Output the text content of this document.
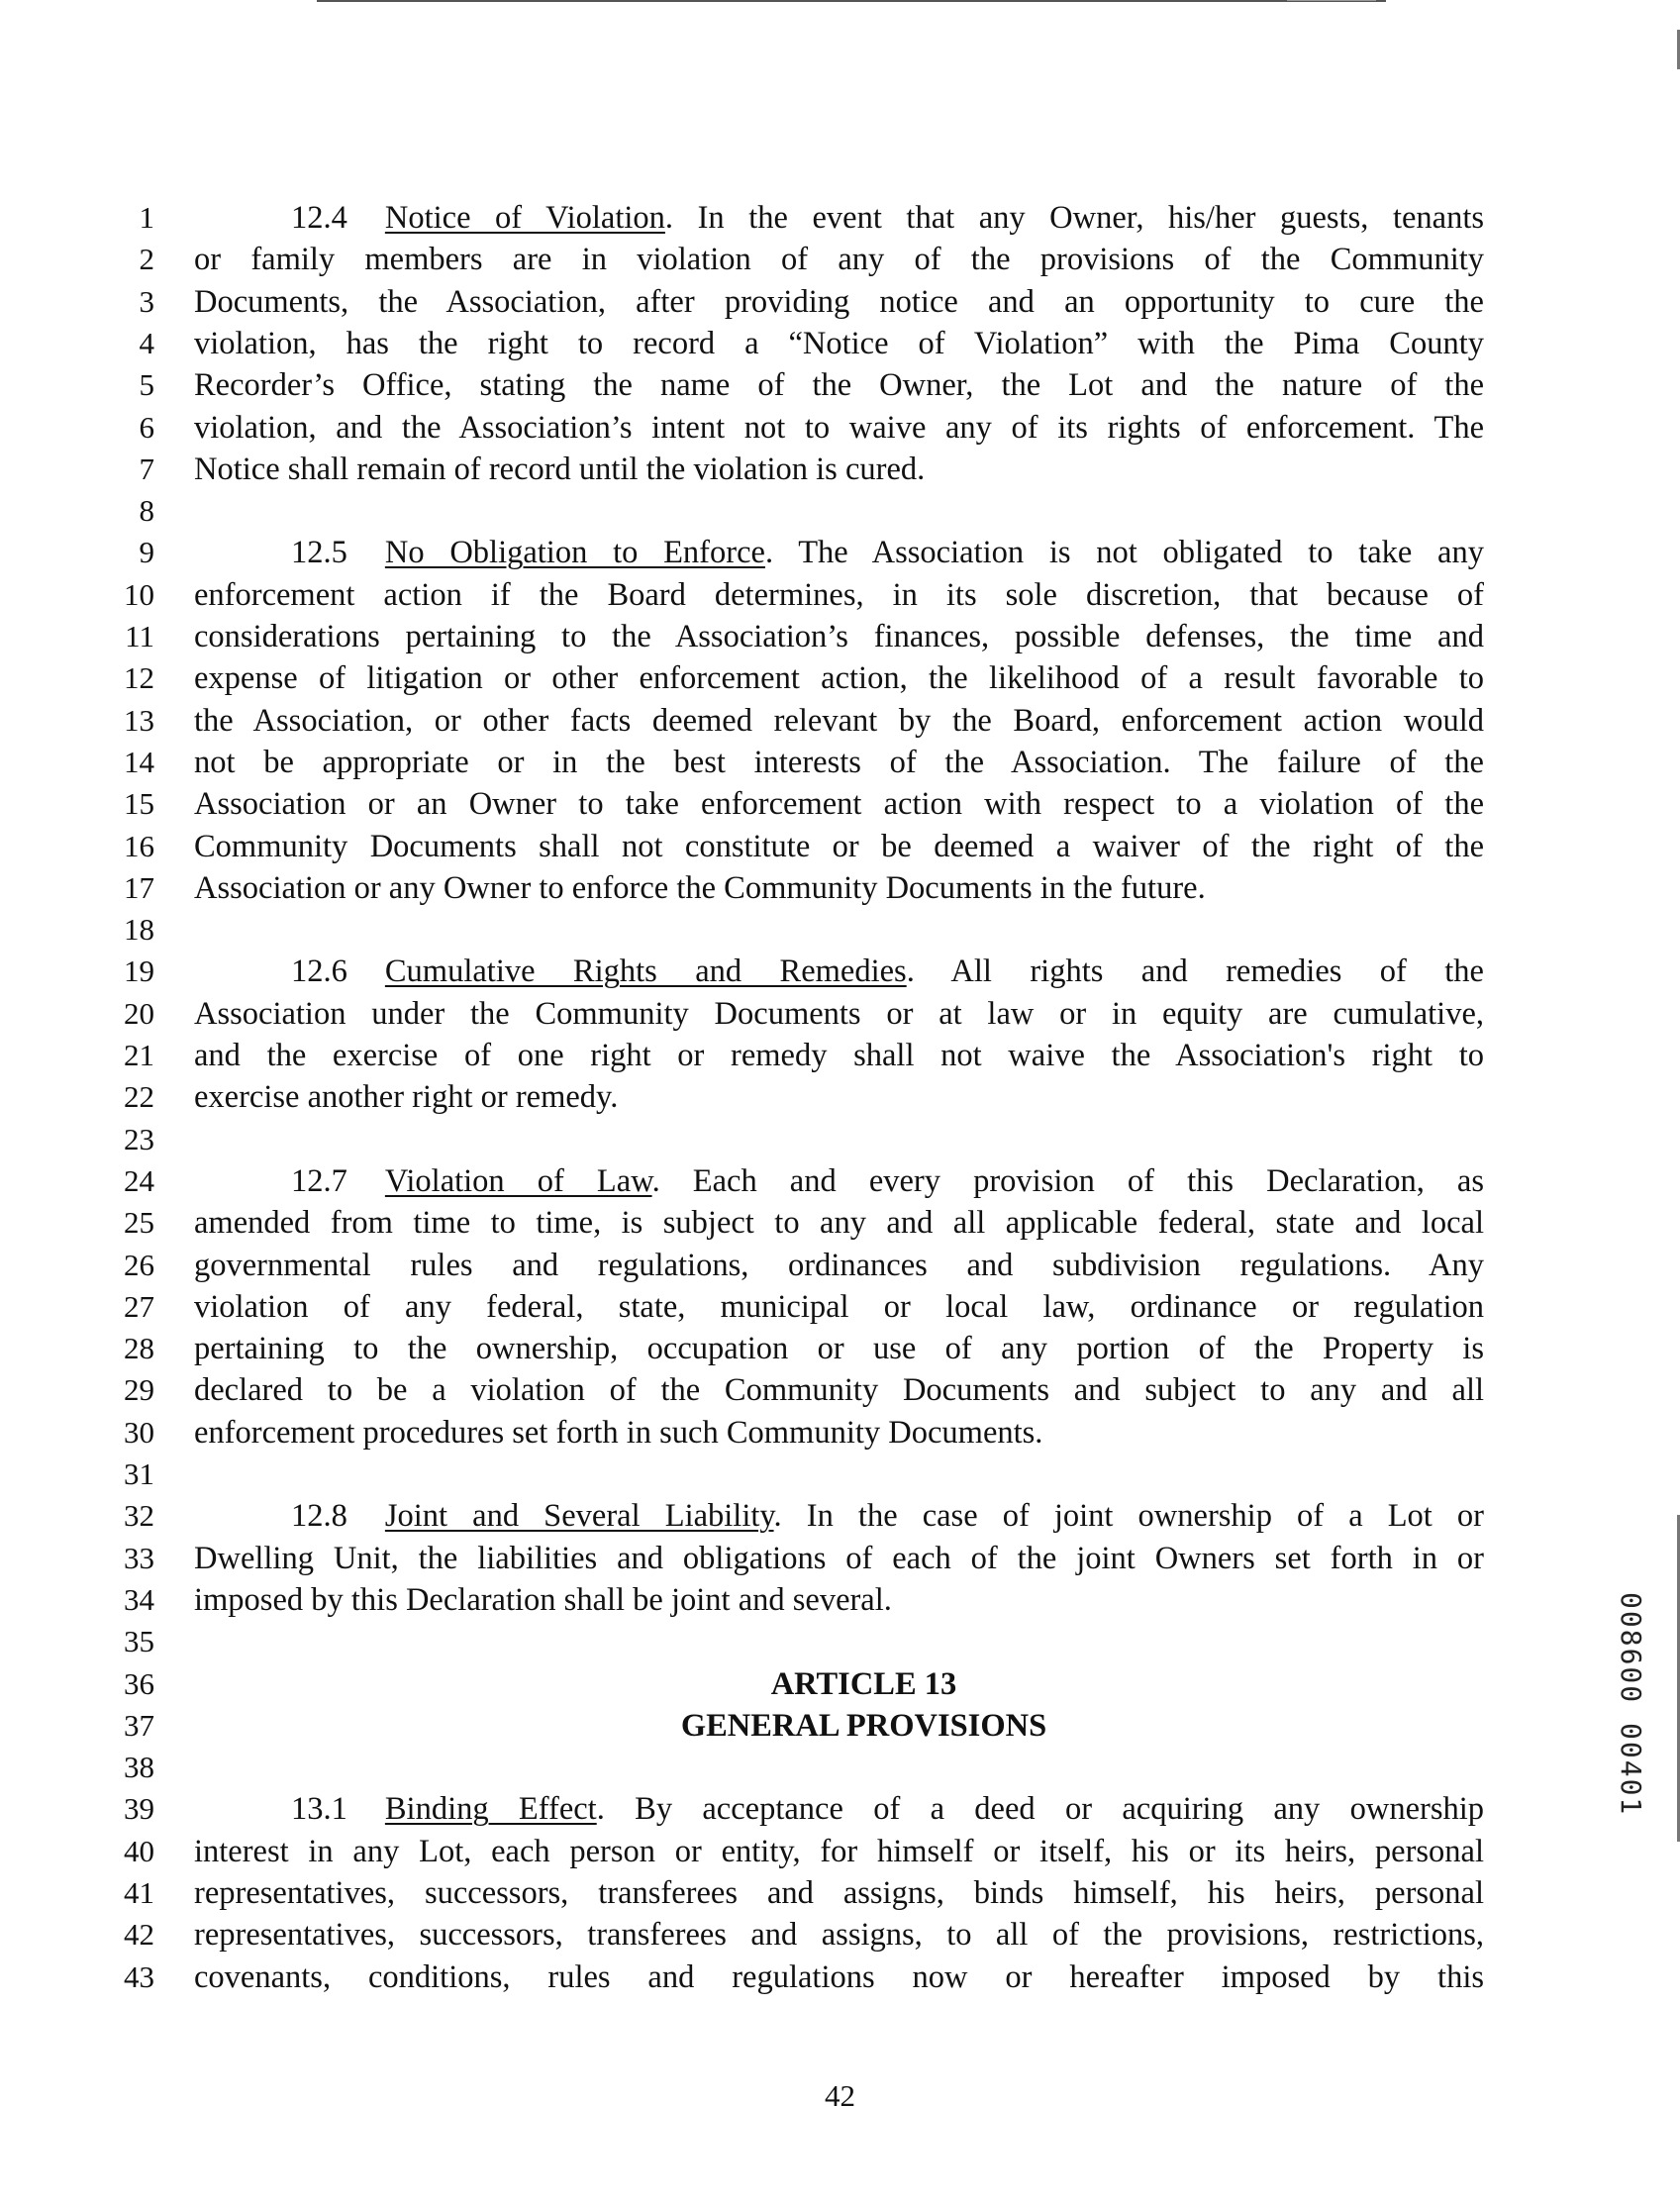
1	12.4 Notice of Violation. In the event that any Owner, his/her guests, tenants
2 or family members are in violation of any of the provisions of the Community
3 Documents, the Association, after providing notice and an opportunity to cure the
4 violation, has the right to record a “Notice of Violation” with the Pima County
5 Recorder’s Office, stating the name of the Owner, the Lot and the nature of the
6 violation, and the Association’s intent not to waive any of its rights of enforcement. The
7 Notice shall remain of record until the violation is cured.
8
9	12.5 No Obligation to Enforce. The Association is not obligated to take any
10 enforcement action if the Board determines, in its sole discretion, that because of
11 considerations pertaining to the Association’s finances, possible defenses, the time and
12 expense of litigation or other enforcement action, the likelihood of a result favorable to
13 the Association, or other facts deemed relevant by the Board, enforcement action would
14 not be appropriate or in the best interests of the Association. The failure of the
15 Association or an Owner to take enforcement action with respect to a violation of the
16 Community Documents shall not constitute or be deemed a waiver of the right of the
17 Association or any Owner to enforce the Community Documents in the future.
18
19	12.6 Cumulative Rights and Remedies. All rights and remedies of the
20 Association under the Community Documents or at law or in equity are cumulative,
21 and the exercise of one right or remedy shall not waive the Association's right to
22 exercise another right or remedy.
23
24	12.7 Violation of Law. Each and every provision of this Declaration, as
25 amended from time to time, is subject to any and all applicable federal, state and local
26 governmental rules and regulations, ordinances and subdivision regulations. Any
27 violation of any federal, state, municipal or local law, ordinance or regulation
28 pertaining to the ownership, occupation or use of any portion of the Property is
29 declared to be a violation of the Community Documents and subject to any and all
30 enforcement procedures set forth in such Community Documents.
31
32	12.8 Joint and Several Liability. In the case of joint ownership of a Lot or
33 Dwelling Unit, the liabilities and obligations of each of the joint Owners set forth in or
34 imposed by this Declaration shall be joint and several.
35
36	ARTICLE 13
37	GENERAL PROVISIONS
38
39	13.1 Binding Effect. By acceptance of a deed or acquiring any ownership
40 interest in any Lot, each person or entity, for himself or itself, his or its heirs, personal
41 representatives, successors, transferees and assigns, binds himself, his heirs, personal
42 representatives, successors, transferees and assigns, to all of the provisions, restrictions,
43 covenants, conditions, rules and regulations now or hereafter imposed by this
42
008600 00401
